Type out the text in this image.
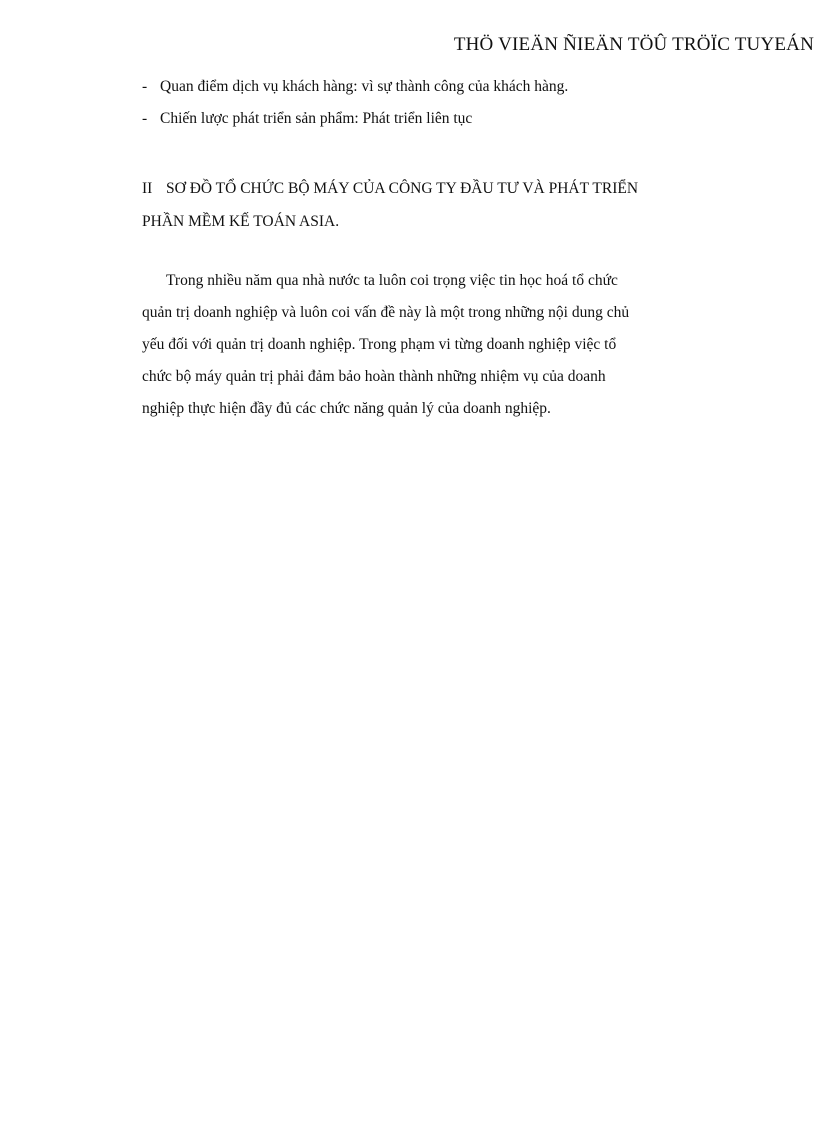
THÖ VIEÄN ÑIEÄN TÖÛ TRÖÏC TUYEÁN
- Quan điểm dịch vụ khách hàng: vì sự thành công của khách hàng.
- Chiến lược phát triển sản phẩm: Phát triển liên tục
II SƠ ĐỒ TỔ CHỨC BỘ MÁY CỦA CÔNG TY ĐẦU TƯ VÀ PHÁT TRIỂN
PHẦN MỀM KẾ TOÁN ASIA.
Trong nhiều năm qua nhà nước ta luôn coi trọng việc tin học hoá tổ chức
quản trị doanh nghiệp và luôn coi vấn đề này là một trong những nội dung chủ
yếu đối với quản trị doanh nghiệp. Trong phạm vi từng doanh nghiệp việc tổ
chức bộ máy quản trị phải đảm bảo hoàn thành những nhiệm vụ của doanh
nghiệp thực hiện đầy đủ các chức năng quản lý của doanh nghiệp.
